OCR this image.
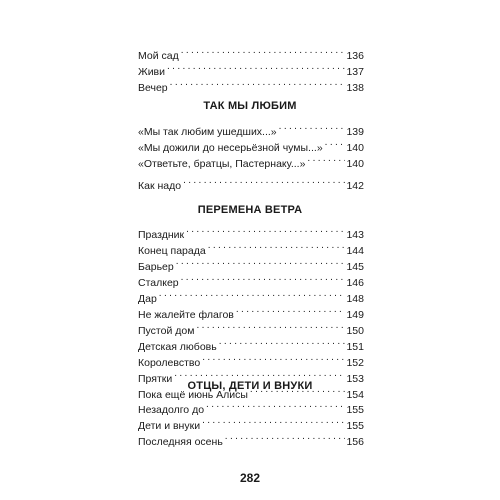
Мой сад . . .	136
Живи . . .	137
Вечер . . .	138
ТАК МЫ ЛЮБИМ
«Мы так любим ушедших...» . . .	139
«Мы дожили до несерьёзной чумы...» . . . 140
«Ответьте, братцы, Пастернаку...» . . .	140
Как надо . . .	142
ПЕРЕМЕНА ВЕТРА
Праздник . . .	143
Конец парада . . .	144
Барьер . . .	145
Сталкер . . .	146
Дар . . .	148
Не жалейте флагов . . .	149
Пустой дом . . .	150
Детская любовь . . .	151
Королевство . . .	152
Прятки . . .	153
Пока ещё июнь Алисы . . .	154
ОТЦЫ, ДЕТИ И ВНУКИ
Незадолго до . . .	155
Дети и внуки . . .	155
Последняя осень . . .	156
282
